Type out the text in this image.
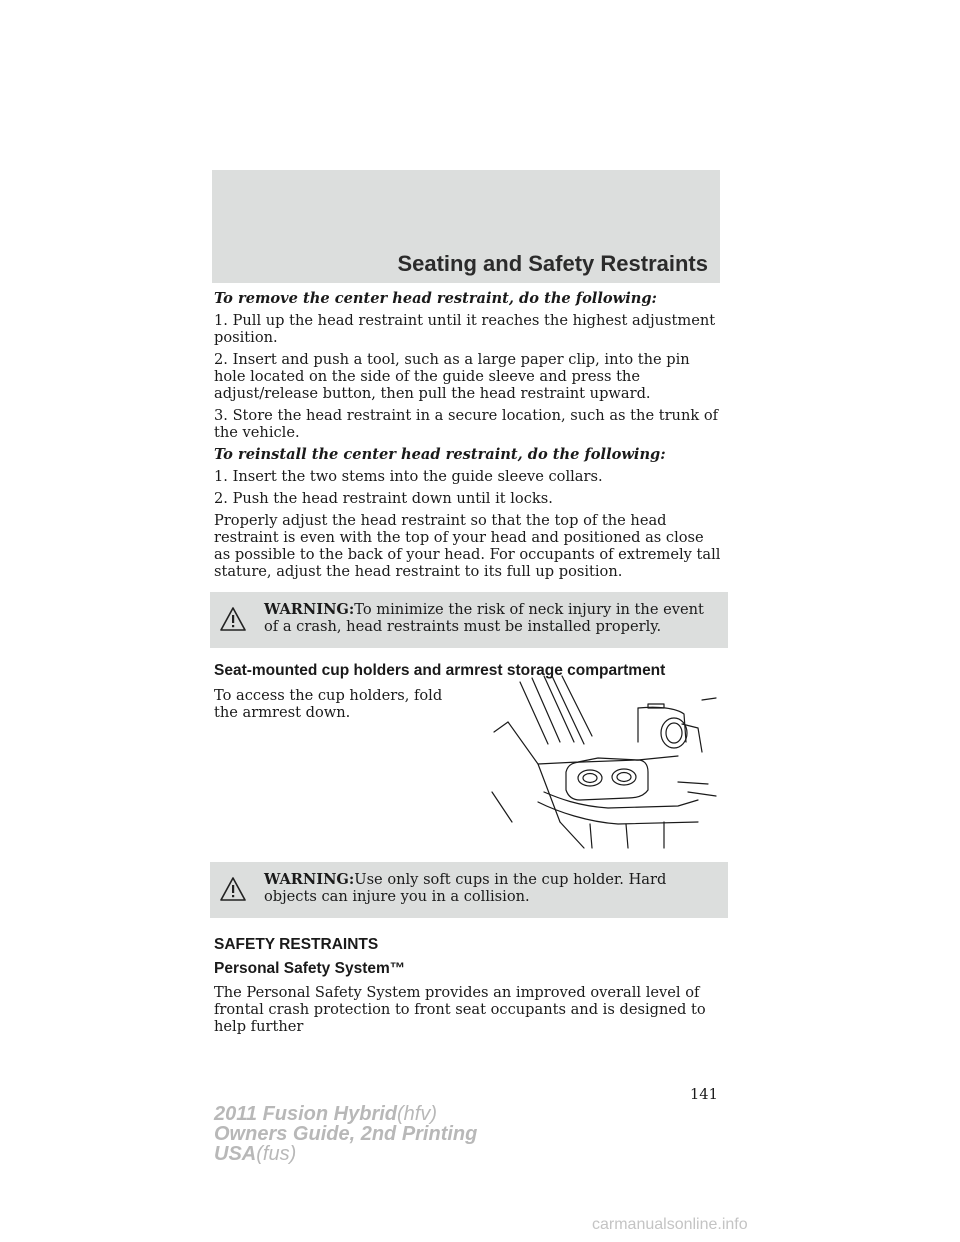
Seating and Safety Restraints

To remove the center head restraint, do the following:

1. Pull up the head restraint until it reaches the highest adjustment position.

2. Insert and push a tool, such as a large paper clip, into the pin hole located on the side of the guide sleeve and press the adjust/release button, then pull the head restraint upward.

3. Store the head restraint in a secure location, such as the trunk of the vehicle.

To reinstall the center head restraint, do the following:

1. Insert the two stems into the guide sleeve collars.

2. Push the head restraint down until it locks.

Properly adjust the head restraint so that the top of the head restraint is even with the top of your head and positioned as close as possible to the back of your head. For occupants of extremely tall stature, adjust the head restraint to its full up position.

WARNING:To minimize the risk of neck injury in the event of a crash, head restraints must be installed properly.
Seat-mounted cup holders and armrest storage compartment

To access the cup holders, fold the armrest down.

WARNING:Use only soft cups in the cup holder. Hard objects can injure you in a collision.
SAFETY RESTRAINTS
Personal Safety System™

The Personal Safety System provides an improved overall level of frontal crash protection to front seat occupants and is designed to help further

141
2011 Fusion Hybrid(hfv)
Owners Guide, 2nd Printing
USA(fus)
carmanualsonline.info
